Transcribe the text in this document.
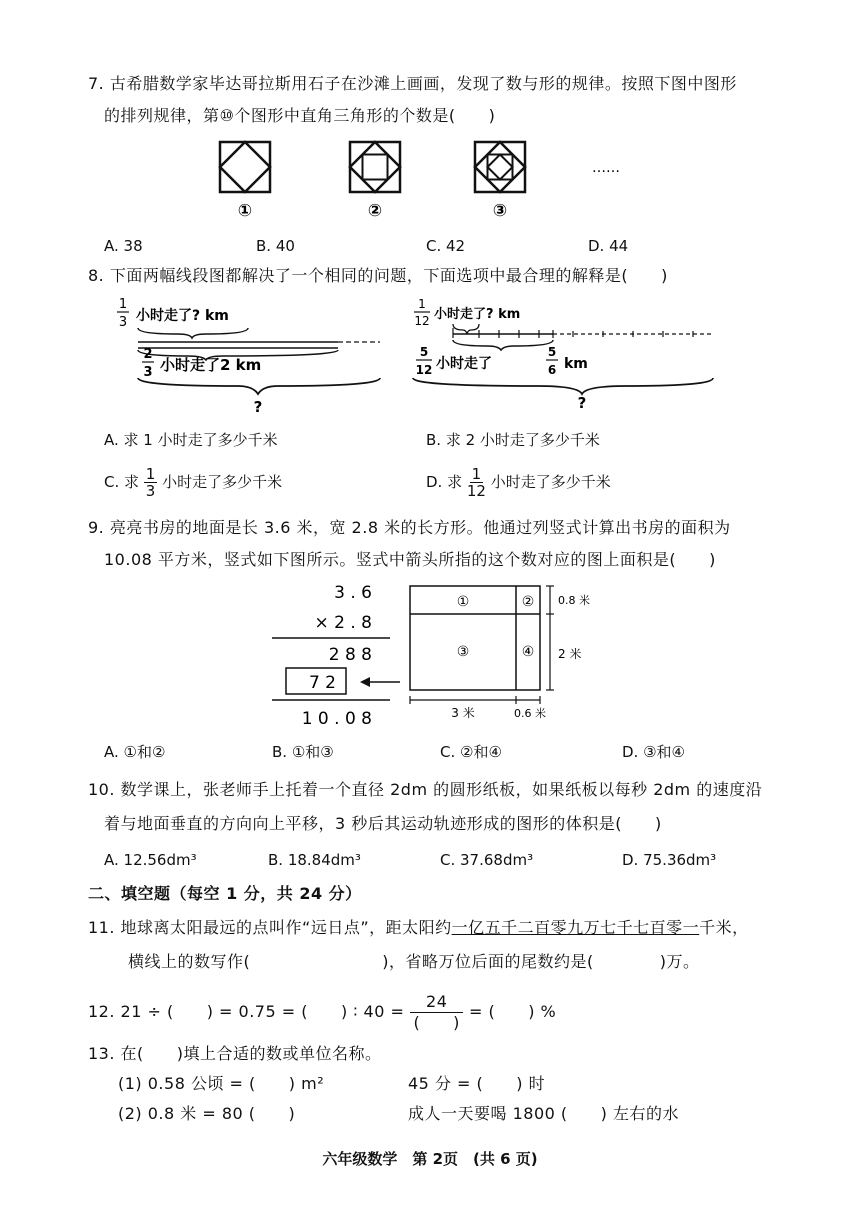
7. 古希腊数学家毕达哥拉斯用石子在沙滩上画画，发现了数与形的规律。按照下图中图形
的排列规律，第⑩个图形中直角三角形的个数是(　　)
①	②	③
……
A. 38	B. 40	C. 42	D. 44
8. 下面两幅线段图都解决了一个相同的问题，下面选项中最合理的解释是(　　)
1
3 小时走了? km
2
3 小时走了2 km
?
1
12 小时走了? km
5
12 小时走了
5
6 km
?
A. 求 1 小时走了多少千米	B. 求 2 小时走了多少千米
C. 求 $\frac{1}{3}$ 小时走了多少千米	D. 求 $\frac{1}{12}$ 小时走了多少千米
9. 亮亮书房的地面是长 3.6 米，宽 2.8 米的长方形。他通过列竖式计算出书房的面积为
10.08 平方米，竖式如下图所示。竖式中箭头所指的这个数对应的图上面积是(　　)
3 . 6
× 2 . 8
2 8 8
7 2
1 0 . 0 8
①	②
③	④
0.8 米
2 米
3 米	0.6 米
A. ①和②	B. ①和③	C. ②和④	D. ③和④
10. 数学课上，张老师手上托着一个直径 2dm 的圆形纸板，如果纸板以每秒 2dm 的速度沿
着与地面垂直的方向向上平移，3 秒后其运动轨迹形成的图形的体积是(　　)
A. 12.56dm³	B. 18.84dm³	C. 37.68dm³	D. 75.36dm³
二、填空题（每空 1 分，共 24 分）
11. 地球离太阳最远的点叫作“远日点”，距太阳约一亿五千二百零九万七千七百零一千米，
横线上的数写作(　　　　　　　　)，省略万位后面的尾数约是(　　　　)万。
12. 21 ÷ (　　) = 0.75 = (　　) ∶ $40 = \frac{24}{( )}$ = (　　) %
13. 在(　　)填上合适的数或单位名称。
(1) 0.58 公顷 = (　　) m²	45 分 = (　　) 时
(2) 0.8 米 = 80 (　　)	成人一天要喝 1800 (　　) 左右的水
六年级数学　第 2页　(共 6 页)
